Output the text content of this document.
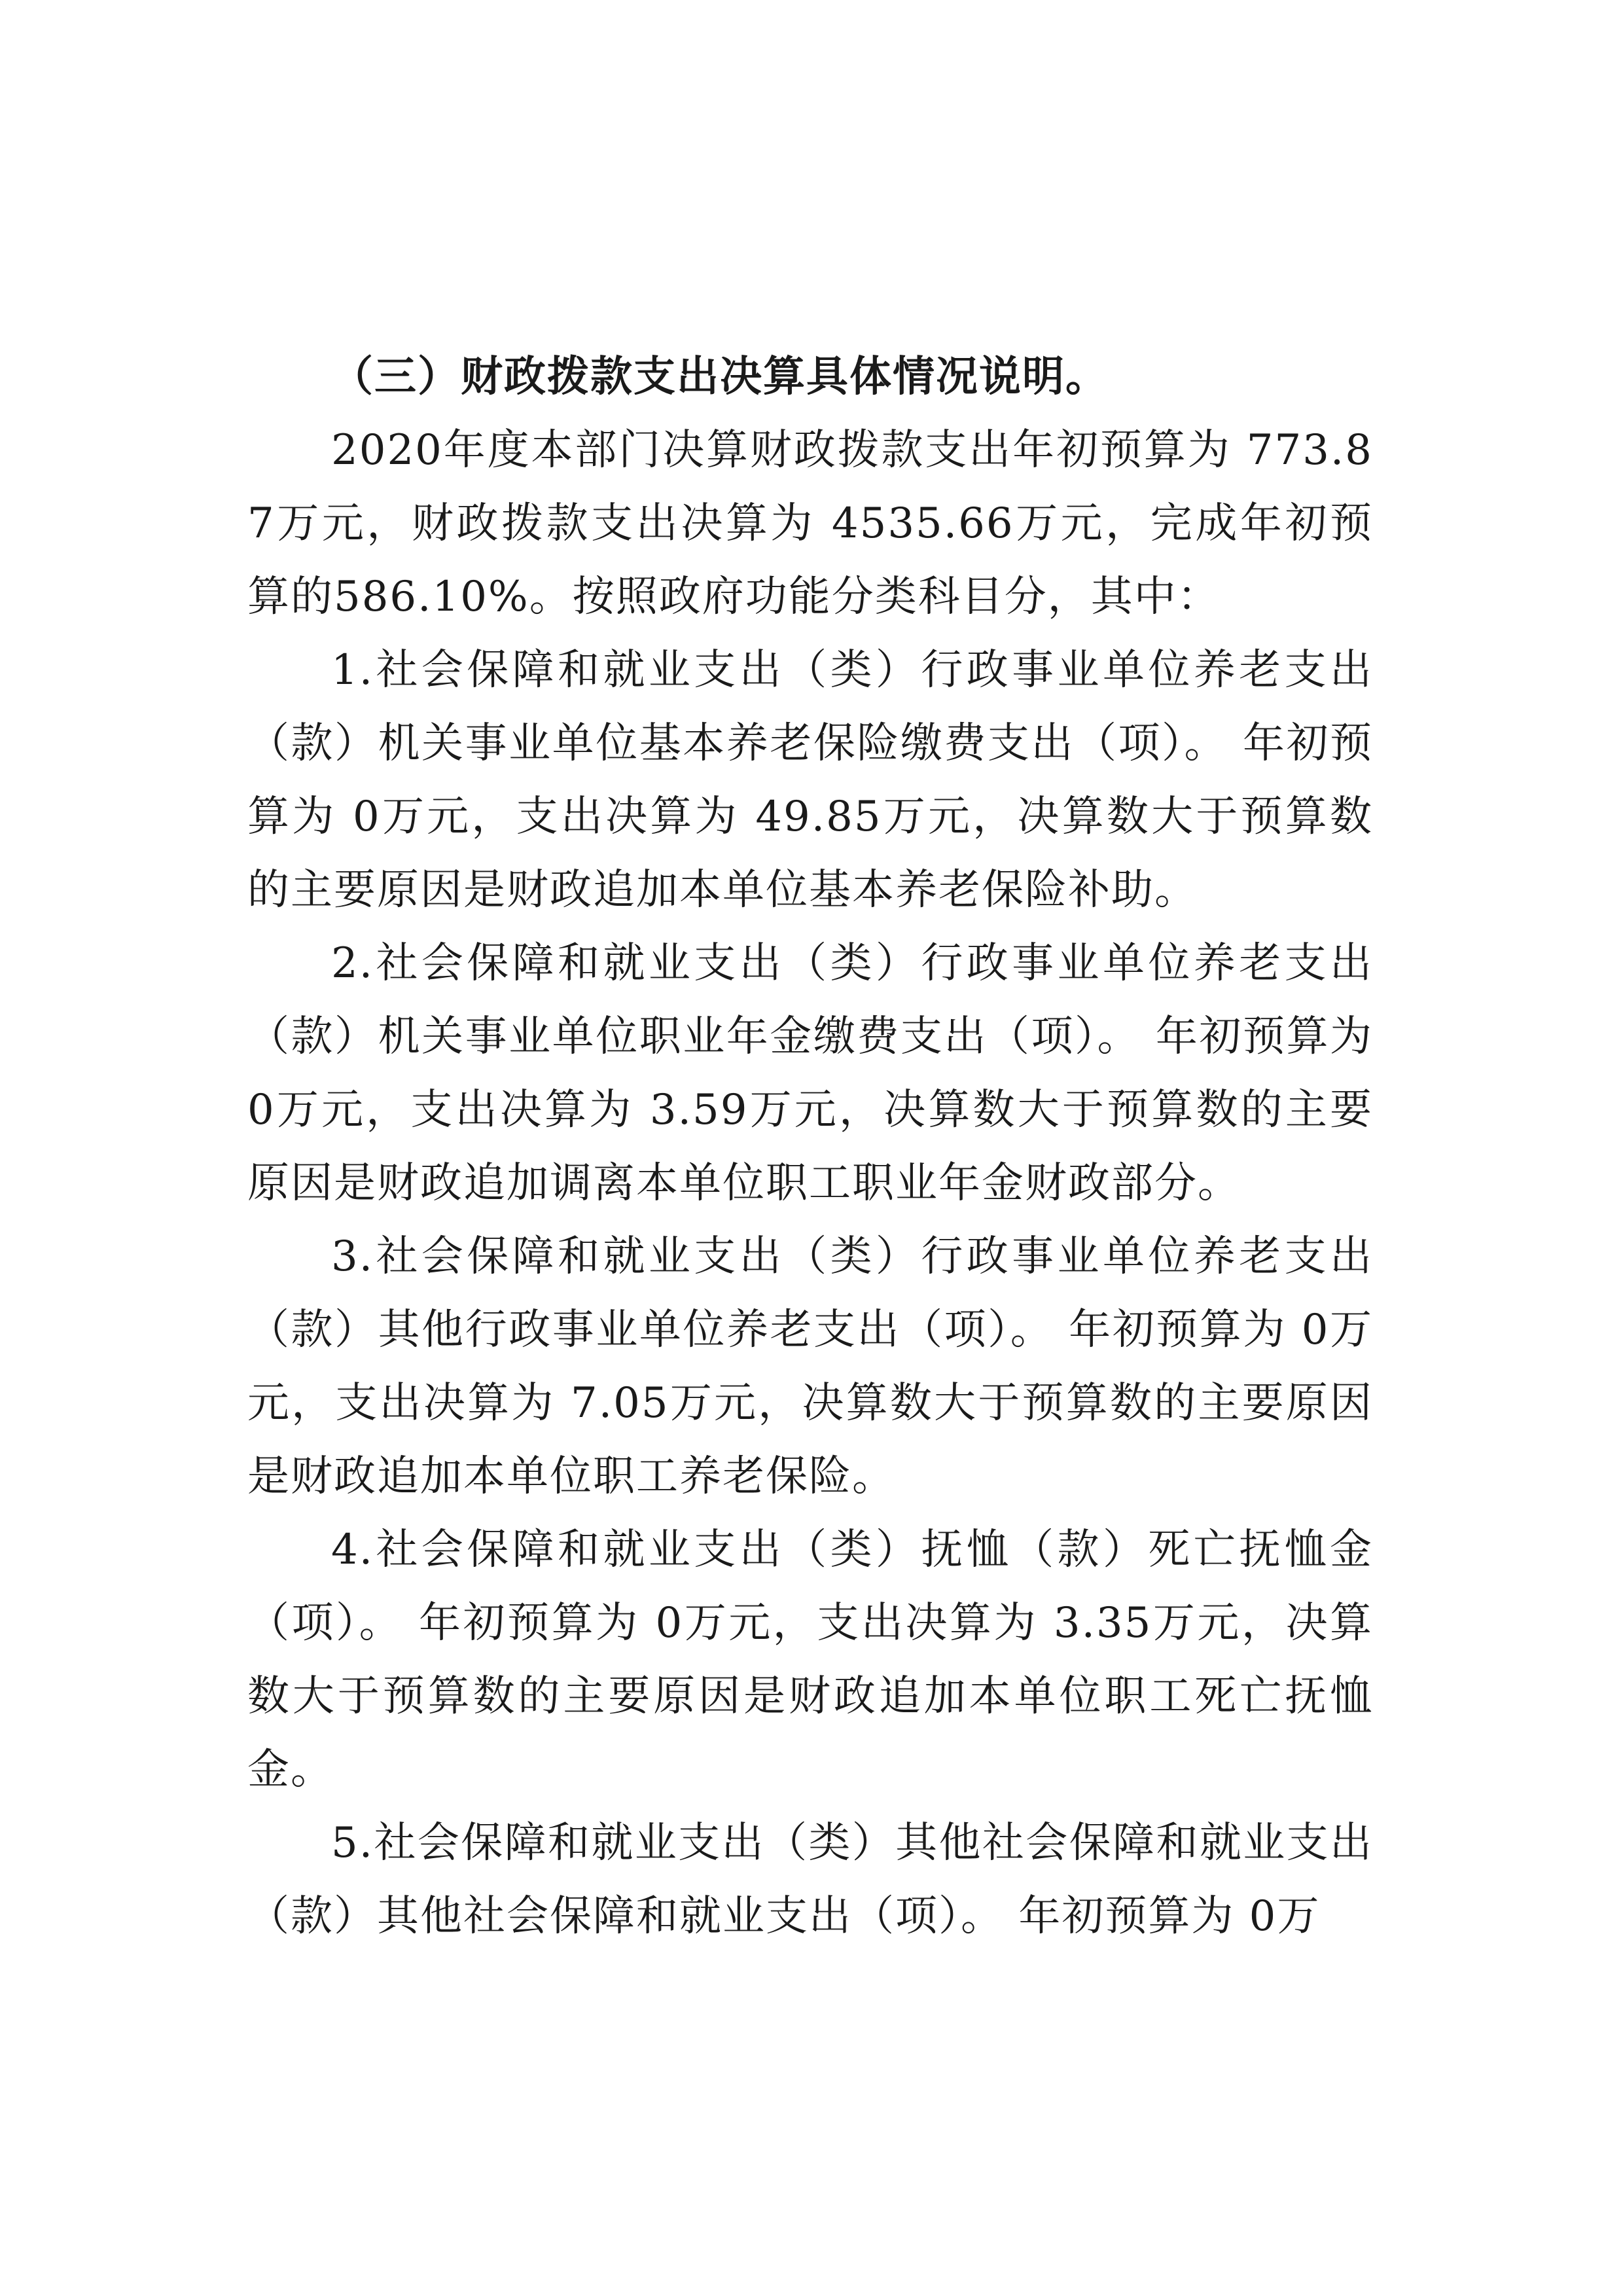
（三）财政拨款支出决算具体情况说明。

2020年度本部门决算财政拨款支出年初预算为 773.87万元，财政拨款支出决算为 4535.66万元，完成年初预算的586.10%。按照政府功能分类科目分，其中：

1.社会保障和就业支出（类）行政事业单位养老支出（款）机关事业单位基本养老保险缴费支出（项）。 年初预算为 0万元，支出决算为 49.85万元，决算数大于预算数的主要原因是财政追加本单位基本养老保险补助。

2.社会保障和就业支出（类）行政事业单位养老支出（款）机关事业单位职业年金缴费支出（项）。 年初预算为 0万元，支出决算为 3.59万元，决算数大于预算数的主要原因是财政追加调离本单位职工职业年金财政部分。

3.社会保障和就业支出（类）行政事业单位养老支出（款）其他行政事业单位养老支出（项）。 年初预算为 0万元，支出决算为 7.05万元，决算数大于预算数的主要原因是财政追加本单位职工养老保险。

4.社会保障和就业支出（类）抚恤（款）死亡抚恤金（项）。 年初预算为 0万元，支出决算为 3.35万元，决算数大于预算数的主要原因是财政追加本单位职工死亡抚恤金。

5.社会保障和就业支出（类）其他社会保障和就业支出（款）其他社会保障和就业支出（项）。 年初预算为 0万
